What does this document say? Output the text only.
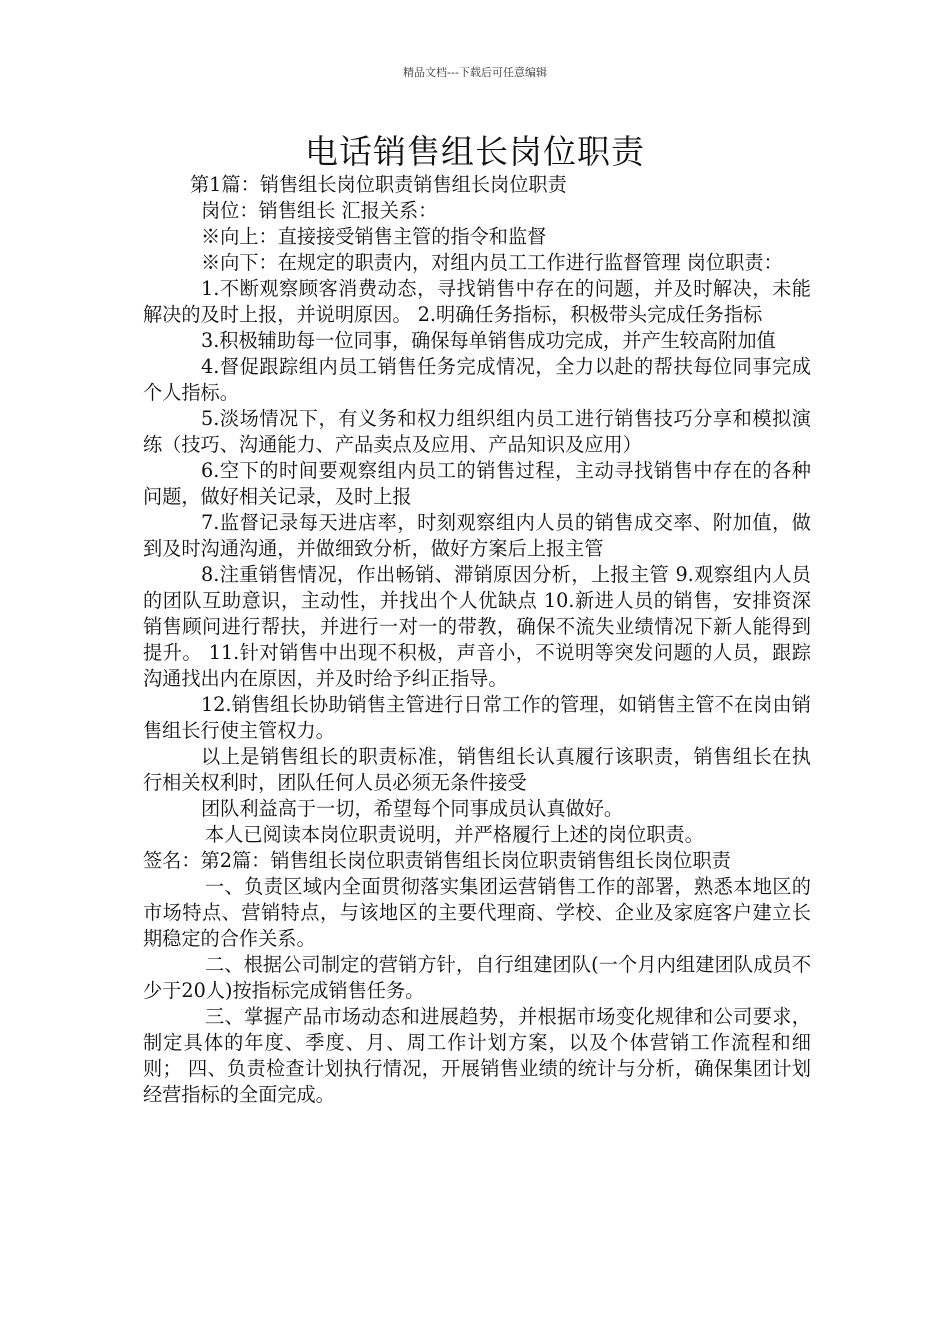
精品文档---下载后可任意编辑
电话销售组长岗位职责

第1篇：销售组长岗位职责销售组长岗位职责

岗位：销售组长 汇报关系：

※向上：直接接受销售主管的指令和监督

※向下：在规定的职责内，对组内员工工作进行监督管理 岗位职责：

1.不断观察顾客消费动态，寻找销售中存在的问题，并及时解决，未能解决的及时上报，并说明原因。 2.明确任务指标，积极带头完成任务指标

3.积极辅助每一位同事，确保每单销售成功完成，并产生较高附加值

4.督促跟踪组内员工销售任务完成情况，全力以赴的帮扶每位同事完成个人指标。

5.淡场情况下，有义务和权力组织组内员工进行销售技巧分享和模拟演练（技巧、沟通能力、产品卖点及应用、产品知识及应用）

6.空下的时间要观察组内员工的销售过程，主动寻找销售中存在的各种问题，做好相关记录，及时上报

7.监督记录每天进店率，时刻观察组内人员的销售成交率、附加值，做到及时沟通沟通，并做细致分析，做好方案后上报主管

8.注重销售情况，作出畅销、滞销原因分析，上报主管 9.观察组内人员的团队互助意识，主动性，并找出个人优缺点 10.新进人员的销售，安排资深销售顾问进行帮扶，并进行一对一的带教，确保不流失业绩情况下新人能得到提升。 11.针对销售中出现不积极，声音小，不说明等突发问题的人员，跟踪沟通找出内在原因，并及时给予纠正指导。

12.销售组长协助销售主管进行日常工作的管理，如销售主管不在岗由销售组长行使主管权力。

以上是销售组长的职责标准，销售组长认真履行该职责，销售组长在执行相关权利时，团队任何人员必须无条件接受

团队利益高于一切，希望每个同事成员认真做好。

本人已阅读本岗位职责说明，并严格履行上述的岗位职责。

签名：第2篇：销售组长岗位职责销售组长岗位职责销售组长岗位职责

一、负责区域内全面贯彻落实集团运营销售工作的部署，熟悉本地区的市场特点、营销特点，与该地区的主要代理商、学校、企业及家庭客户建立长期稳定的合作关系。

二、根据公司制定的营销方针，自行组建团队(一个月内组建团队成员不少于20人)按指标完成销售任务。

三、掌握产品市场动态和进展趋势，并根据市场变化规律和公司要求，制定具体的年度、季度、月、周工作计划方案，以及个体营销工作流程和细则； 四、负责检查计划执行情况，开展销售业绩的统计与分析，确保集团计划经营指标的全面完成。
